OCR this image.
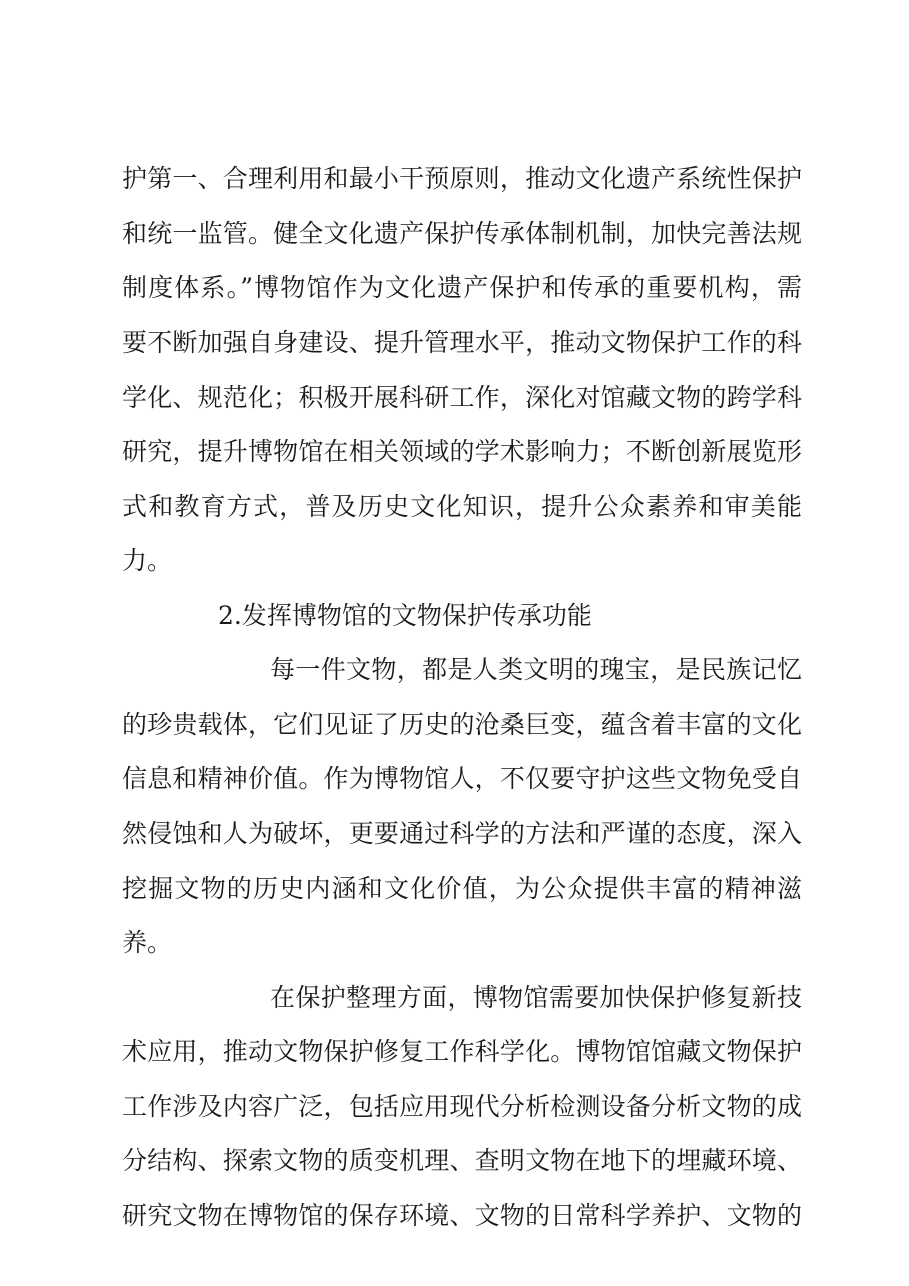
护第一、合理利用和最小干预原则，推动文化遗产系统性保护
和统一监管。健全文化遗产保护传承体制机制，加快完善法规
制度体系。”博物馆作为文化遗产保护和传承的重要机构，需
要不断加强自身建设、提升管理水平，推动文物保护工作的科
学化、规范化；积极开展科研工作，深化对馆藏文物的跨学科
研究，提升博物馆在相关领域的学术影响力；不断创新展览形
式和教育方式，普及历史文化知识，提升公众素养和审美能
力。
2.发挥博物馆的文物保护传承功能
每一件文物，都是人类文明的瑰宝，是民族记忆
的珍贵载体，它们见证了历史的沧桑巨变，蕴含着丰富的文化
信息和精神价值。作为博物馆人，不仅要守护这些文物免受自
然侵蚀和人为破坏，更要通过科学的方法和严谨的态度，深入
挖掘文物的历史内涵和文化价值，为公众提供丰富的精神滋
养。
在保护整理方面，博物馆需要加快保护修复新技
术应用，推动文物保护修复工作科学化。博物馆馆藏文物保护
工作涉及内容广泛，包括应用现代分析检测设备分析文物的成
分结构、探索文物的质变机理、查明文物在地下的埋藏环境、
研究文物在博物馆的保存环境、文物的日常科学养护、文物的
